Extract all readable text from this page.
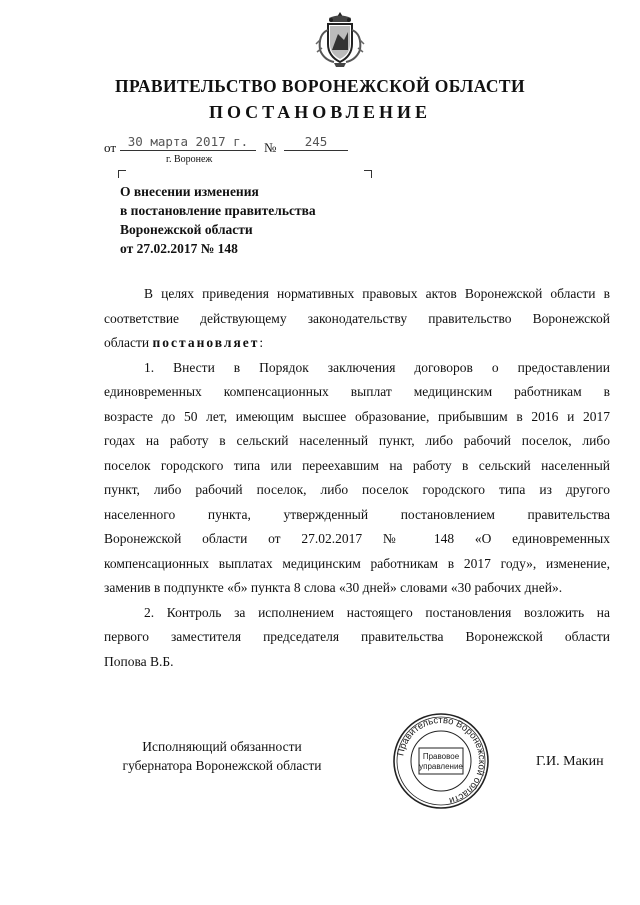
ПРАВИТЕЛЬСТВО ВОРОНЕЖСКОЙ ОБЛАСТИ
ПОСТАНОВЛЕНИЕ
от 30 марта 2017 г.	№	245
г. Воронеж
О внесении изменения
в постановление правительства
Воронежской области
от 27.02.2017 № 148
В целях приведения нормативных правовых актов Воронежской области в
соответствие действующему законодательству правительство Воронежской
области постановляет:
1. Внести в Порядок заключения договоров о предоставлении
единовременных компенсационных выплат медицинским работникам в
возрасте до 50 лет, имеющим высшее образование, прибывшим в 2016 и 2017
годах на работу в сельский населенный пункт, либо рабочий поселок, либо
поселок городского типа или переехавшим на работу в сельский населенный
пункт, либо рабочий поселок, либо поселок городского типа из другого
населенного пункта, утвержденный постановлением правительства
Воронежской области от 27.02.2017 № 148 «О единовременных
компенсационных выплатах медицинским работникам в 2017 году», изменение,
заменив в подпункте «б» пункта 8 слова «30 дней» словами «30 рабочих дней».
2. Контроль за исполнением настоящего постановления возложить на
первого заместителя председателя правительства Воронежской области
Попова В.Б.
Исполняющий обязанности
губернатора Воронежской области
Правительство Воронежской области
Правовое
управление	Г.И. Макин
